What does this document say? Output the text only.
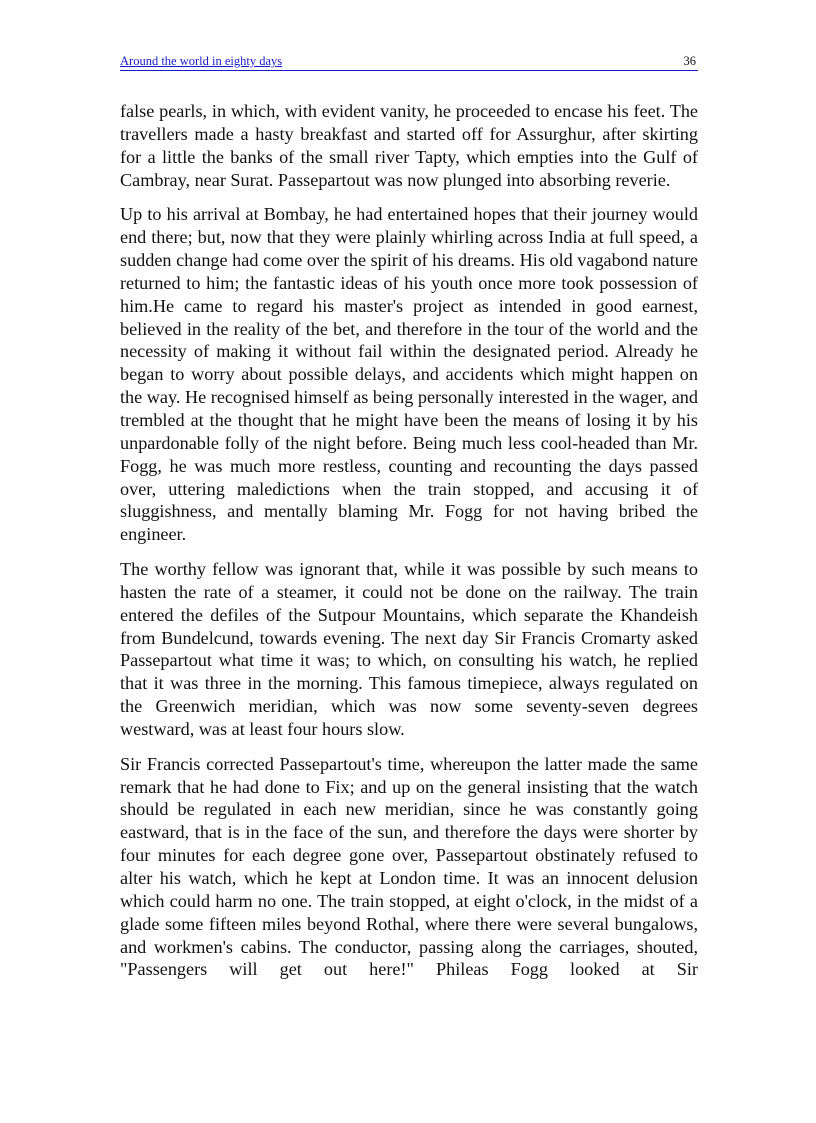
Around the world in eighty days	36

false pearls, in which, with evident vanity, he proceeded to encase his feet. The travellers made a hasty breakfast and started off for Assurghur, after skirting for a little the banks of the small river Tapty, which empties into the Gulf of Cambray, near Surat. Passepartout was now plunged into absorbing reverie.

Up to his arrival at Bombay, he had entertained hopes that their journey would end there; but, now that they were plainly whirling across India at full speed, a sudden change had come over the spirit of his dreams. His old vagabond nature returned to him; the fantastic ideas of his youth once more took possession of him.He came to regard his master's project as intended in good earnest, believed in the reality of the bet, and therefore in the tour of the world and the necessity of making it without fail within the designated period. Already he began to worry about possible delays, and accidents which might happen on the way. He recognised himself as being personally interested in the wager, and trembled at the thought that he might have been the means of losing it by his unpardonable folly of the night before. Being much less cool-headed than Mr. Fogg, he was much more restless, counting and recounting the days passed over, uttering maledictions when the train stopped, and accusing it of sluggishness, and mentally blaming Mr. Fogg for not having bribed the engineer.

The worthy fellow was ignorant that, while it was possible by such means to hasten the rate of a steamer, it could not be done on the railway. The train entered the defiles of the Sutpour Mountains, which separate the Khandeish from Bundelcund, towards evening. The next day Sir Francis Cromarty asked Passepartout what time it was; to which, on consulting his watch, he replied that it was three in the morning. This famous timepiece, always regulated on the Greenwich meridian, which was now some seventy-seven degrees westward, was at least four hours slow.

Sir Francis corrected Passepartout's time, whereupon the latter made the same remark that he had done to Fix; and up on the general insisting that the watch should be regulated in each new meridian, since he was constantly going eastward, that is in the face of the sun, and therefore the days were shorter by four minutes for each degree gone over, Passepartout obstinately refused to alter his watch, which he kept at London time. It was an innocent delusion which could harm no one. The train stopped, at eight o'clock, in the midst of a glade some fifteen miles beyond Rothal, where there were several bungalows, and workmen's cabins. The conductor, passing along the carriages, shouted, "Passengers will get out here!" Phileas Fogg looked at Sir
